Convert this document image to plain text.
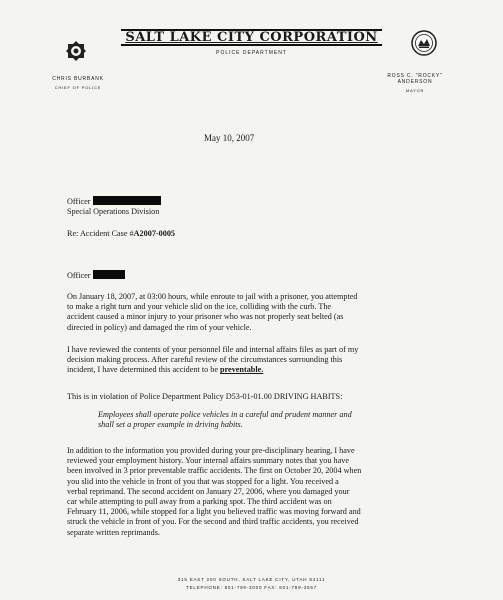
SALT LAKE CITY CORPORATION
POLICE DEPARTMENT
CHRIS BURBANK
CHIEF OF POLICE
ROSS C. "ROCKY" ANDERSON
MAYOR
May 10, 2007
Officer
Special Operations Division
Re: Accident Case #A2007-0005
Officer
On January 18, 2007, at 03:00 hours, while enroute to jail with a prisoner, you attempted
to make a right turn and your vehicle slid on the ice, colliding with the curb. The
accident caused a minor injury to your prisoner who was not properly seat belted (as
directed in policy) and damaged the rim of your vehicle.
I have reviewed the contents of your personnel file and internal affairs files as part of my
decision making process. After careful review of the circumstances surrounding this
incident, I have determined this accident to be preventable.
This is in violation of Police Department Policy D53-01-01.00 DRIVING HABITS:
Employees shall operate police vehicles in a careful and prudent manner and
shall set a proper example in driving habits.
In addition to the information you provided during your pre-disciplinary hearing, I have
reviewed your employment history. Your internal affairs summary notes that you have
been involved in 3 prior preventable traffic accidents. The first on October 20, 2004 when
you slid into the vehicle in front of you that was stopped for a light. You received a
verbal reprimand. The second accident on January 27, 2006, where you damaged your
car while attempting to pull away from a parking spot. The third accident was on
February 11, 2006, while stopped for a light you believed traffic was moving forward and
struck the vehicle in front of you. For the second and third traffic accidents, you received
separate written reprimands.
315 EAST 200 SOUTH, SALT LAKE CITY, UTAH 84111
TELEPHONE: 801-799-3000 FAX: 801-799-3557
